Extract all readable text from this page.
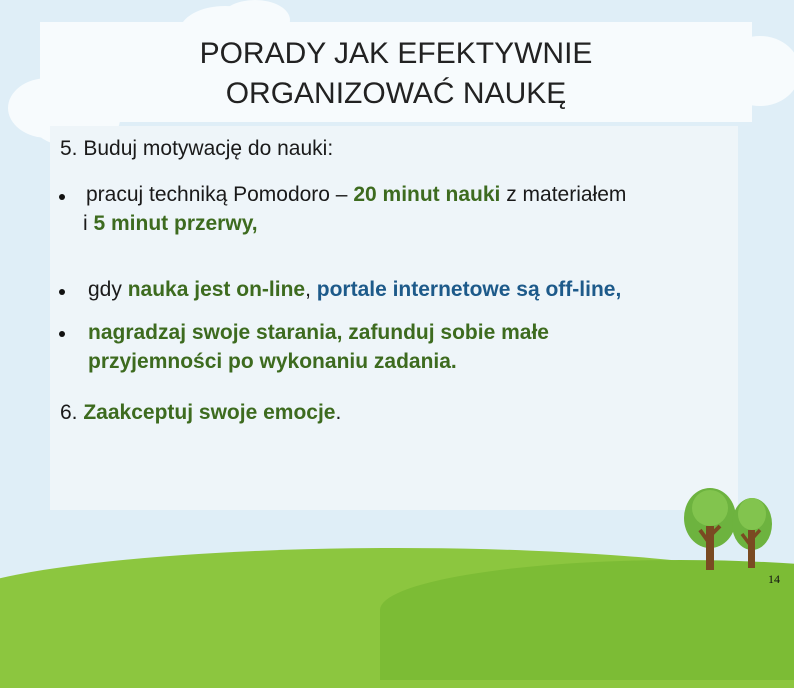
PORADY JAK EFEKTYWNIE
ORGANIZOWAĆ NAUKĘ
5. Buduj motywację do nauki:
pracuj techniką Pomodoro – 20 minut nauki z materiałem
i 5 minut przerwy,
gdy nauka jest on-line, portale internetowe są off-line,
nagradzaj swoje starania, zafunduj sobie małe
przyjemności po wykonaniu zadania.
6. Zaakceptuj swoje emocje.
14
